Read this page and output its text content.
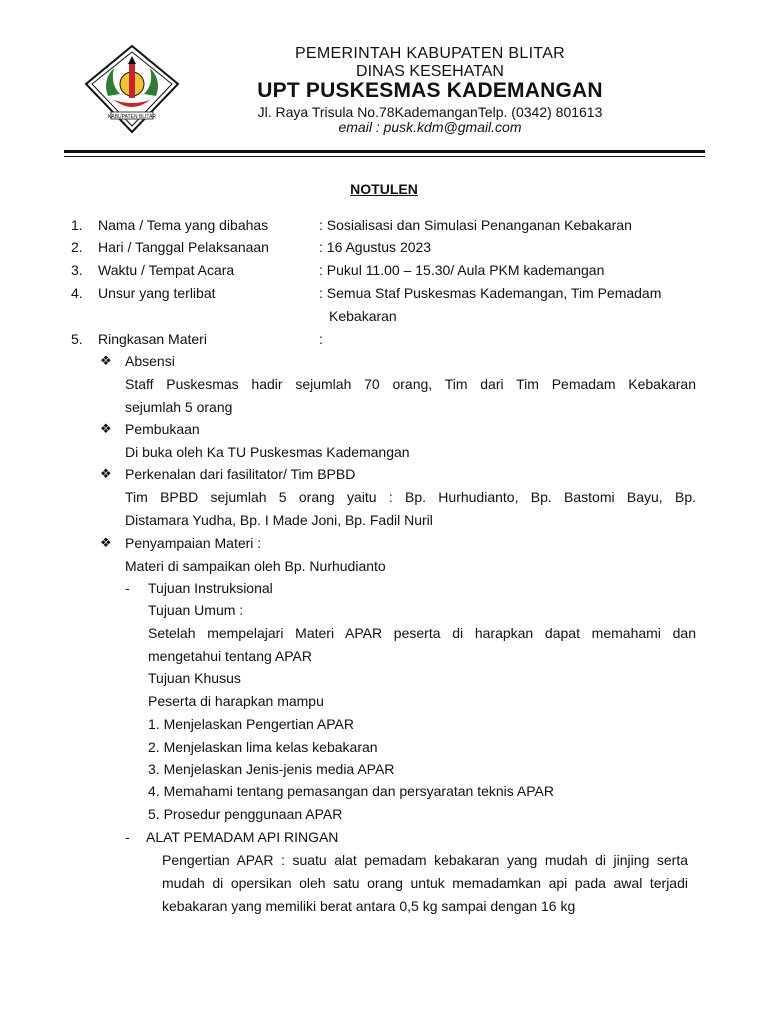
KABUPATEN BLITAR
PEMERINTAH KABUPATEN BLITAR
DINAS KESEHATAN
UPT PUSKESMAS KADEMANGAN
Jl. Raya Trisula No.78KademanganTelp. (0342) 801613
email : pusk.kdm@gmail.com
NOTULEN
1. Nama / Tema yang dibahas	: Sosialisasi dan Simulasi Penanganan Kebakaran
2. Hari / Tanggal Pelaksanaan	: 16 Agustus 2023
3. Waktu / Tempat Acara	: Pukul 11.00 – 15.30/ Aula PKM kademangan
4. Unsur yang terlibat	: Semua Staf Puskesmas Kademangan, Tim Pemadam
Kebakaran
5. Ringkasan Materi	:
❖ Absensi
Staff Puskesmas hadir sejumlah 70 orang, Tim dari Tim Pemadam Kebakaran
sejumlah 5 orang
❖ Pembukaan
Di buka oleh Ka TU Puskesmas Kademangan
❖ Perkenalan dari fasilitator/ Tim BPBD
Tim BPBD sejumlah 5 orang yaitu : Bp. Hurhudianto, Bp. Bastomi Bayu, Bp.
Distamara Yudha, Bp. I Made Joni, Bp. Fadil Nuril
❖ Penyampaian Materi :
Materi di sampaikan oleh Bp. Nurhudianto
- Tujuan Instruksional
Tujuan Umum :
Setelah mempelajari Materi APAR peserta di harapkan dapat memahami dan
mengetahui tentang APAR
Tujuan Khusus
Peserta di harapkan mampu
1. Menjelaskan Pengertian APAR
2. Menjelaskan lima kelas kebakaran
3. Menjelaskan Jenis-jenis media APAR
4. Memahami tentang pemasangan dan persyaratan teknis APAR
5. Prosedur penggunaan APAR
- ALAT PEMADAM API RINGAN
Pengertian APAR : suatu alat pemadam kebakaran yang mudah di jinjing serta
mudah di opersikan oleh satu orang untuk memadamkan api pada awal terjadi
kebakaran yang memiliki berat antara 0,5 kg sampai dengan 16 kg
